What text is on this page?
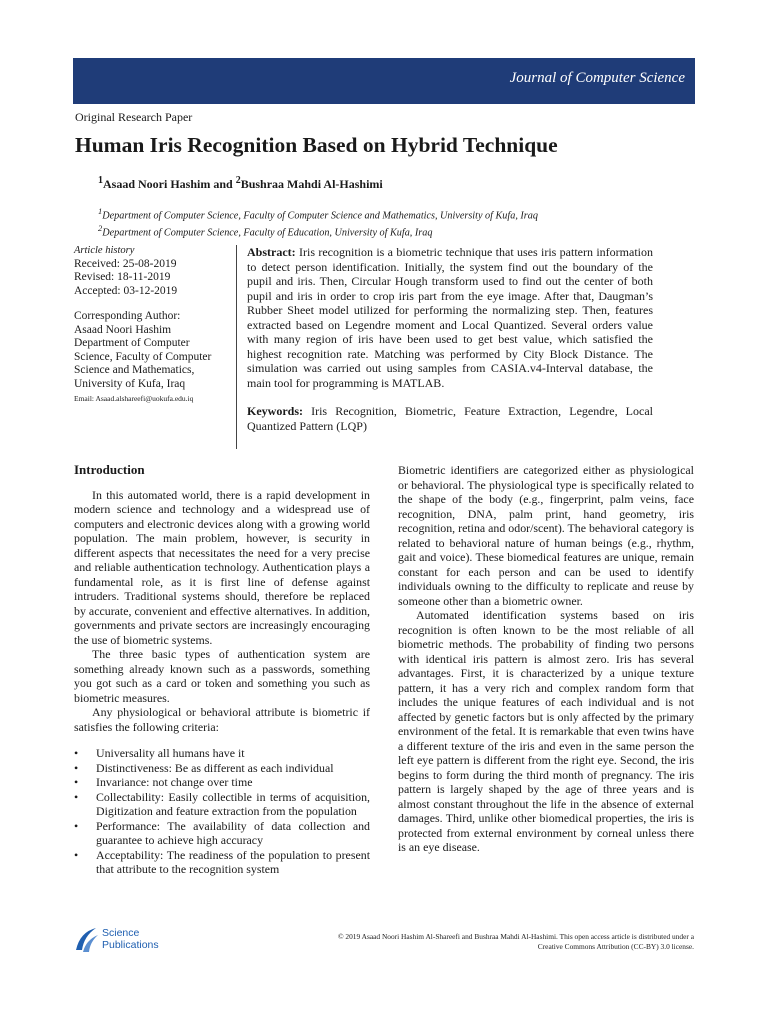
Journal of Computer Science
Original Research Paper
Human Iris Recognition Based on Hybrid Technique
$^1$Asaad Noori Hashim and $^2$Bushraa Mahdi Al-Hashimi
$^1$Department of Computer Science, Faculty of Computer Science and Mathematics, University of Kufa, Iraq
$^2$Department of Computer Science, Faculty of Education, University of Kufa, Iraq
Article history
Received: 25-08-2019
Revised: 18-11-2019
Accepted: 03-12-2019
Corresponding Author:
Asaad Noori Hashim
Department of Computer
Science, Faculty of Computer
Science and Mathematics,
University of Kufa, Iraq
Email: Asaad.alshareefi@uokufa.edu.iq

Abstract: Iris recognition is a biometric technique that uses iris pattern information to detect person identification. Initially, the system find out the boundary of the pupil and iris. Then, Circular Hough transform used to find out the center of both pupil and iris in order to crop iris part from the eye image. After that, Daugman’s Rubber Sheet model utilized for performing the normalizing step. Then, features extracted based on Legendre moment and Local Quantized. Several orders value with many region of iris have been used to get best value, which satisfied the highest recognition rate. Matching was performed by City Block Distance. The simulation was carried out using samples from CASIA.v4-Interval database, the main tool for programming is MATLAB.

Keywords: Iris Recognition, Biometric, Feature Extraction, Legendre, Local Quantized Pattern (LQP)

Introduction

In this automated world, there is a rapid development in modern science and technology and a widespread use of computers and electronic devices along with a growing world population. The main problem, however, is security in different aspects that necessitates the need for a very precise and reliable authentication technology. Authentication plays a fundamental role, as it is first line of defense against intruders. Traditional systems should, therefore be replaced by accurate, convenient and effective alternatives. In addition, governments and private sectors are increasingly encouraging the use of biometric systems.

The three basic types of authentication system are something already known such as a passwords, something you got such as a card or token and something you such as biometric measures.

Any physiological or behavioral attribute is biometric if satisfies the following criteria:

• Universality all humans have it
• Distinctiveness: Be as different as each individual
• Invariance: not change over time
• Collectability: Easily collectible in terms of acquisition, Digitization and feature extraction from the population
• Performance: The availability of data collection and guarantee to achieve high accuracy
• Acceptability: The readiness of the population to present that attribute to the recognition system

Biometric identifiers are categorized either as physiological or behavioral. The physiological type is specifically related to the shape of the body (e.g., fingerprint, palm veins, face recognition, DNA, palm print, hand geometry, iris recognition, retina and odor/scent). The behavioral category is related to behavioral nature of human beings (e.g., rhythm, gait and voice). These biomedical features are unique, remain constant for each person and can be used to identify individuals owning to the difficulty to replicate and reuse by someone other than a biometric owner.

Automated identification systems based on iris recognition is often known to be the most reliable of all biometric methods. The probability of finding two persons with identical iris pattern is almost zero. Iris has several advantages. First, it is characterized by a unique texture pattern, it has a very rich and complex random form that includes the unique features of each individual and is not affected by genetic factors but is only affected by the primary environment of the fetal. It is remarkable that even twins have a different texture of the iris and even in the same person the left eye pattern is different from the right eye. Second, the iris begins to form during the third month of pregnancy. The iris pattern is largely shaped by the age of three years and is almost constant throughout the life in the absence of external damages. Third, unlike other biomedical properties, the iris is protected from external environment by corneal unless there is an eye disease.

Science
Publications
© 2019 Asaad Noori Hashim Al-Shareefi and Bushraa Mahdi Al-Hashimi. This open access article is distributed under a
Creative Commons Attribution (CC-BY) 3.0 license.
